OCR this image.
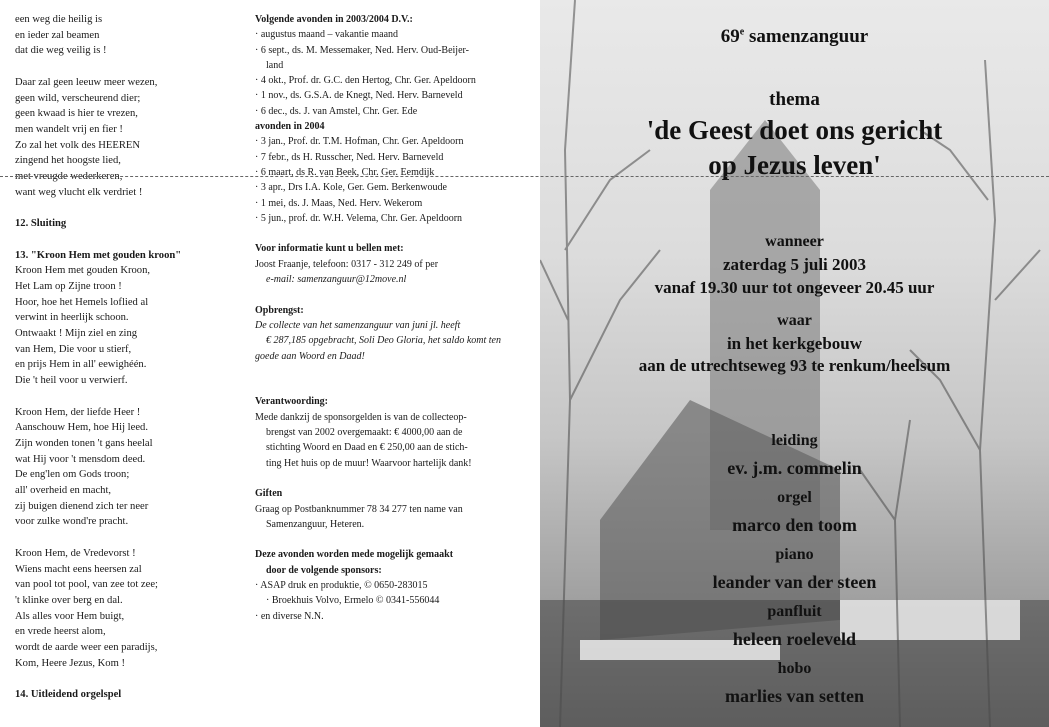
een weg die heilig is
en ieder zal beamen
dat die weg veilig is !
Daar zal geen leeuw meer wezen,
geen wild, verscheurend dier;
geen kwaad is hier te vrezen,
men wandelt vrij en fier !
Zo zal het volk des HEEREN
zingend het hoogste lied,
met vreugde wederkeren,
want weg vlucht elk verdriet !
12. Sluiting
13. "Kroon Hem met gouden kroon"
Kroon Hem met gouden Kroon,
Het Lam op Zijne troon !
Hoor, hoe het Hemels loflied al
verwint in heerlijk schoon.
Ontwaakt ! Mijn ziel en zing
van Hem, Die voor u stierf,
en prijs Hem in all' eewighéén.
Die 't heil voor u verwierf.
Kroon Hem, der liefde Heer !
Aanschouw Hem, hoe Hij leed.
Zijn wonden tonen 't gans heelal
wat Hij voor 't mensdom deed.
De eng'len om Gods troon;
all' overheid en macht,
zij buigen dienend zich ter neer
voor zulke wond're pracht.
Kroon Hem, de Vredevorst !
Wiens macht eens heersen zal
van pool tot pool, van zee tot zee;
't klinke over berg en dal.
Als alles voor Hem buigt,
en vrede heerst alom,
wordt de aarde weer een paradijs,
Kom, Heere Jezus, Kom !
14. Uitleidend orgelspel
Volgende avonden in 2003/2004 D.V.:
· augustus maand – vakantie maand
· 6 sept., ds. M. Messemaker, Ned. Herv. Oud-Beijer-
land
· 4 okt., Prof. dr. G.C. den Hertog, Chr. Ger. Apeldoorn
· 1 nov., ds. G.S.A. de Knegt, Ned. Herv. Barneveld
· 6 dec., ds. J. van Amstel, Chr. Ger. Ede
avonden in 2004
· 3 jan., Prof. dr. T.M. Hofman, Chr. Ger. Apeldoorn
· 7 febr., ds H. Russcher, Ned. Herv. Barneveld
· 6 maart, ds R. van Beek, Chr. Ger. Eemdijk
· 3 apr., Drs I.A. Kole, Ger. Gem. Berkenwoude
· 1 mei, ds. J. Maas, Ned. Herv. Wekerom
· 5 jun., prof. dr. W.H. Velema, Chr. Ger. Apeldoorn
Voor informatie kunt u bellen met:
Joost Fraanje, telefoon: 0317 - 312 249 of per
e-mail: samenzanguur@12move.nl
Opbrengst:
De collecte van het samenzanguur van juni jl. heeft
€ 287,185 opgebracht, Soli Deo Gloria, het saldo komt ten
goede aan Woord en Daad!
Verantwoording:
Mede dankzij de sponsorgelden is van de collecteop-
brengst van 2002 overgemaakt: € 4000,00 aan de
stichting Woord en Daad en € 250,00 aan de stich-
ting Het huis op de muur! Waarvoor hartelijk dank!
Giften
Graag op Postbanknummer 78 34 277 ten name van
Samenzanguur, Heteren.
Deze avonden worden mede mogelijk gemaakt
door de volgende sponsors:
· ASAP druk en produktie, © 0650-283015
· Broekhuis Volvo, Ermelo © 0341-556044
· en diverse N.N.
69e samenzanguur
thema
'de Geest doet ons gericht
op Jezus leven'
wanneer
zaterdag 5 juli 2003
vanaf 19.30 uur tot ongeveer 20.45 uur
waar
in het kerkgebouw
aan de utrechtseweg 93 te renkum/heelsum
leiding
ev. j.m. commelin
orgel
marco den toom
piano
leander van der steen
panfluit
heleen roeleveld
hobo
marlies van setten
